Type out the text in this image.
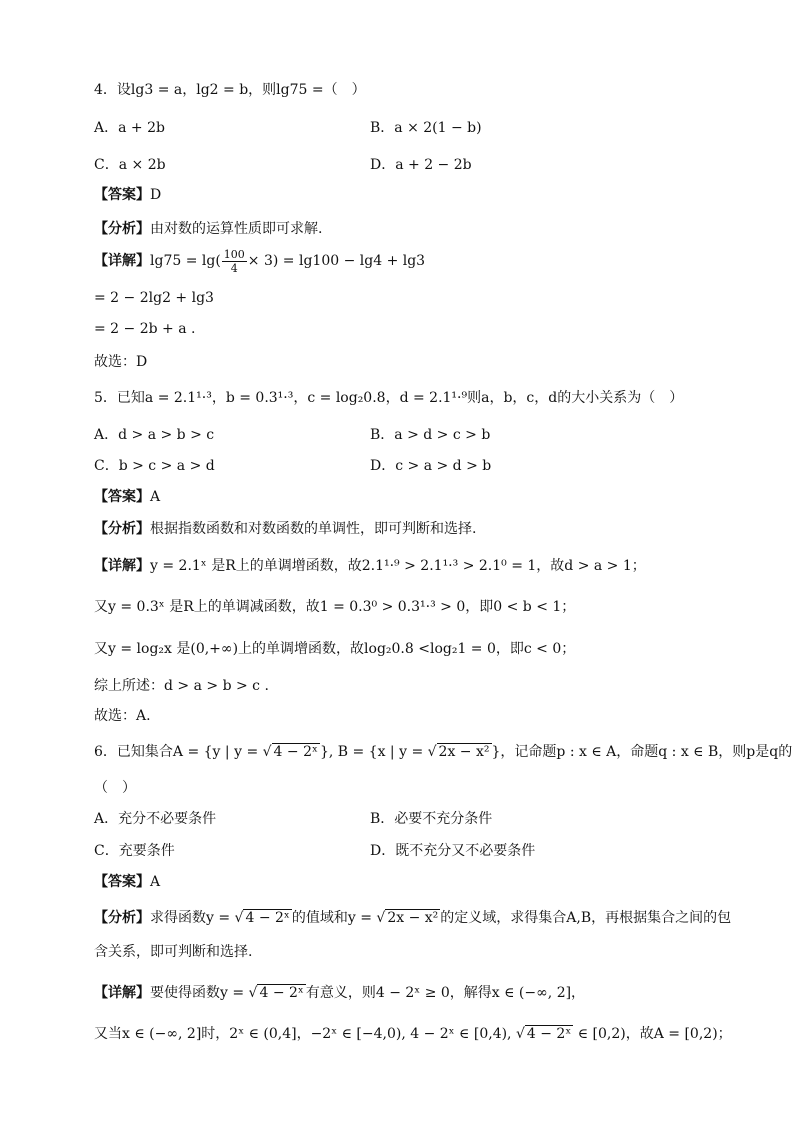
4．设lg3 = a，lg2 = b，则lg75 =（　）
A．a + 2b	B．a × 2(1 − b)
C．a × 2b	D．a + 2 − 2b
【答案】D
【分析】由对数的运算性质即可求解.
【详解】$\lg 75 = \lg( \frac{100}{4} \times 3) = \lg 100 - \lg 4 + \lg 3$
= 2 − 2lg2 + lg3
= 2 − 2b + a .
故选：D
5．已知a = 2.1¹·³，b = 0.3¹·³，c = log₂0.8，d = 2.1¹·⁹则a，b，c，d的大小关系为（　）
A．d > a > b > c	B．a > d > c > b
C．b > c > a > d	D．c > a > d > b
【答案】A
【分析】根据指数函数和对数函数的单调性，即可判断和选择.
【详解】y = 2.1ˣ 是R上的单调增函数，故2.1¹·⁹ > 2.1¹·³ > 2.1⁰ = 1，故d > a > 1；
又y = 0.3ˣ 是R上的单调减函数，故1 = 0.3⁰ > 0.3¹·³ > 0，即0 < b < 1；
又y = log₂x 是(0,+∞)上的单调增函数，故log₂0.8 <log₂1 = 0，即c < 0；
综上所述：d > a > b > c .
故选：A.
6．已知集合A = {y | y = √ 4 − 2ˣ }, B = {x | y = √ 2x − x² }，记命题p : x ∈ A，命题q : x ∈ B，则p是q的
（　）
A．充分不必要条件	B．必要不充分条件
C．充要条件	D．既不充分又不必要条件
【答案】A
【分析】求得函数y = √ 4 − 2ˣ 的值域和y = √ 2x − x² 的定义域，求得集合A,B，再根据集合之间的包
含关系，即可判断和选择.
【详解】要使得函数y = √ 4 − 2ˣ 有意义，则4 − 2ˣ ≥ 0，解得x ∈ (−∞, 2]，
又当x ∈ (−∞, 2]时，2ˣ ∈ (0,4]，−2ˣ ∈ [−4,0), 4 − 2ˣ ∈ [0,4), √ 4 − 2ˣ ∈ [0,2)，故A = [0,2)；
